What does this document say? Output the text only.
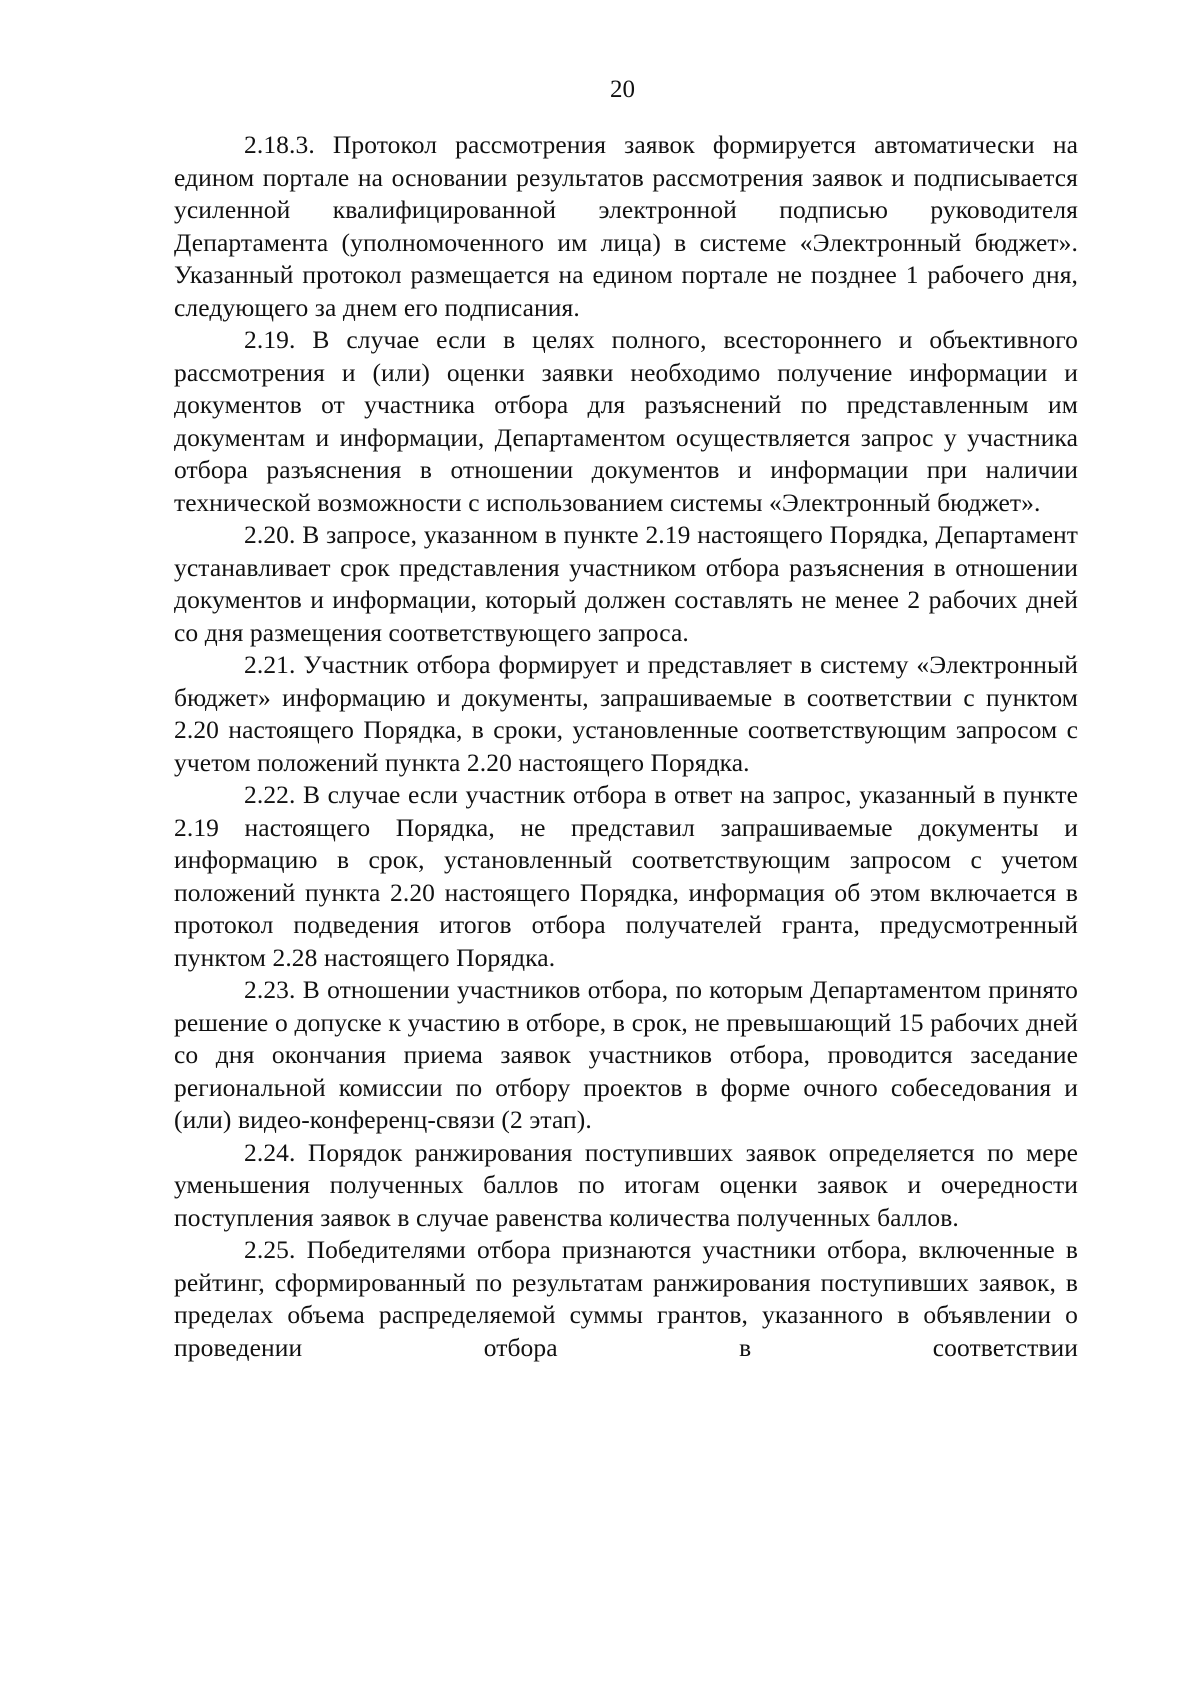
20

2.18.3. Протокол рассмотрения заявок формируется автоматически на едином портале на основании результатов рассмотрения заявок и подписывается усиленной квалифицированной электронной подписью руководителя Департамента (уполномоченного им лица) в системе «Электронный бюджет». Указанный протокол размещается на едином портале не позднее 1 рабочего дня, следующего за днем его подписания.

2.19. В случае если в целях полного, всестороннего и объективного рассмотрения и (или) оценки заявки необходимо получение информации и документов от участника отбора для разъяснений по представленным им документам и информации, Департаментом осуществляется запрос у участника отбора разъяснения в отношении документов и информации при наличии технической возможности с использованием системы «Электронный бюджет».

2.20. В запросе, указанном в пункте 2.19 настоящего Порядка, Департамент устанавливает срок представления участником отбора разъяснения в отношении документов и информации, который должен составлять не менее 2 рабочих дней со дня размещения соответствующего запроса.

2.21. Участник отбора формирует и представляет в систему «Электронный бюджет» информацию и документы, запрашиваемые в соответствии с пунктом 2.20 настоящего Порядка, в сроки, установленные соответствующим запросом с учетом положений пункта 2.20 настоящего Порядка.

2.22. В случае если участник отбора в ответ на запрос, указанный в пункте 2.19 настоящего Порядка, не представил запрашиваемые документы и информацию в срок, установленный соответствующим запросом с учетом положений пункта 2.20 настоящего Порядка, информация об этом включается в протокол подведения итогов отбора получателей гранта, предусмотренный пунктом 2.28 настоящего Порядка.

2.23. В отношении участников отбора, по которым Департаментом принято решение о допуске к участию в отборе, в срок, не превышающий 15 рабочих дней со дня окончания приема заявок участников отбора, проводится заседание региональной комиссии по отбору проектов в форме очного собеседования и (или) видео-конференц-связи (2 этап).

2.24. Порядок ранжирования поступивших заявок определяется по мере уменьшения полученных баллов по итогам оценки заявок и очередности поступления заявок в случае равенства количества полученных баллов.

2.25. Победителями отбора признаются участники отбора, включенные в рейтинг, сформированный по результатам ранжирования поступивших заявок, в пределах объема распределяемой суммы грантов, указанного в объявлении о проведении отбора в соответствии
